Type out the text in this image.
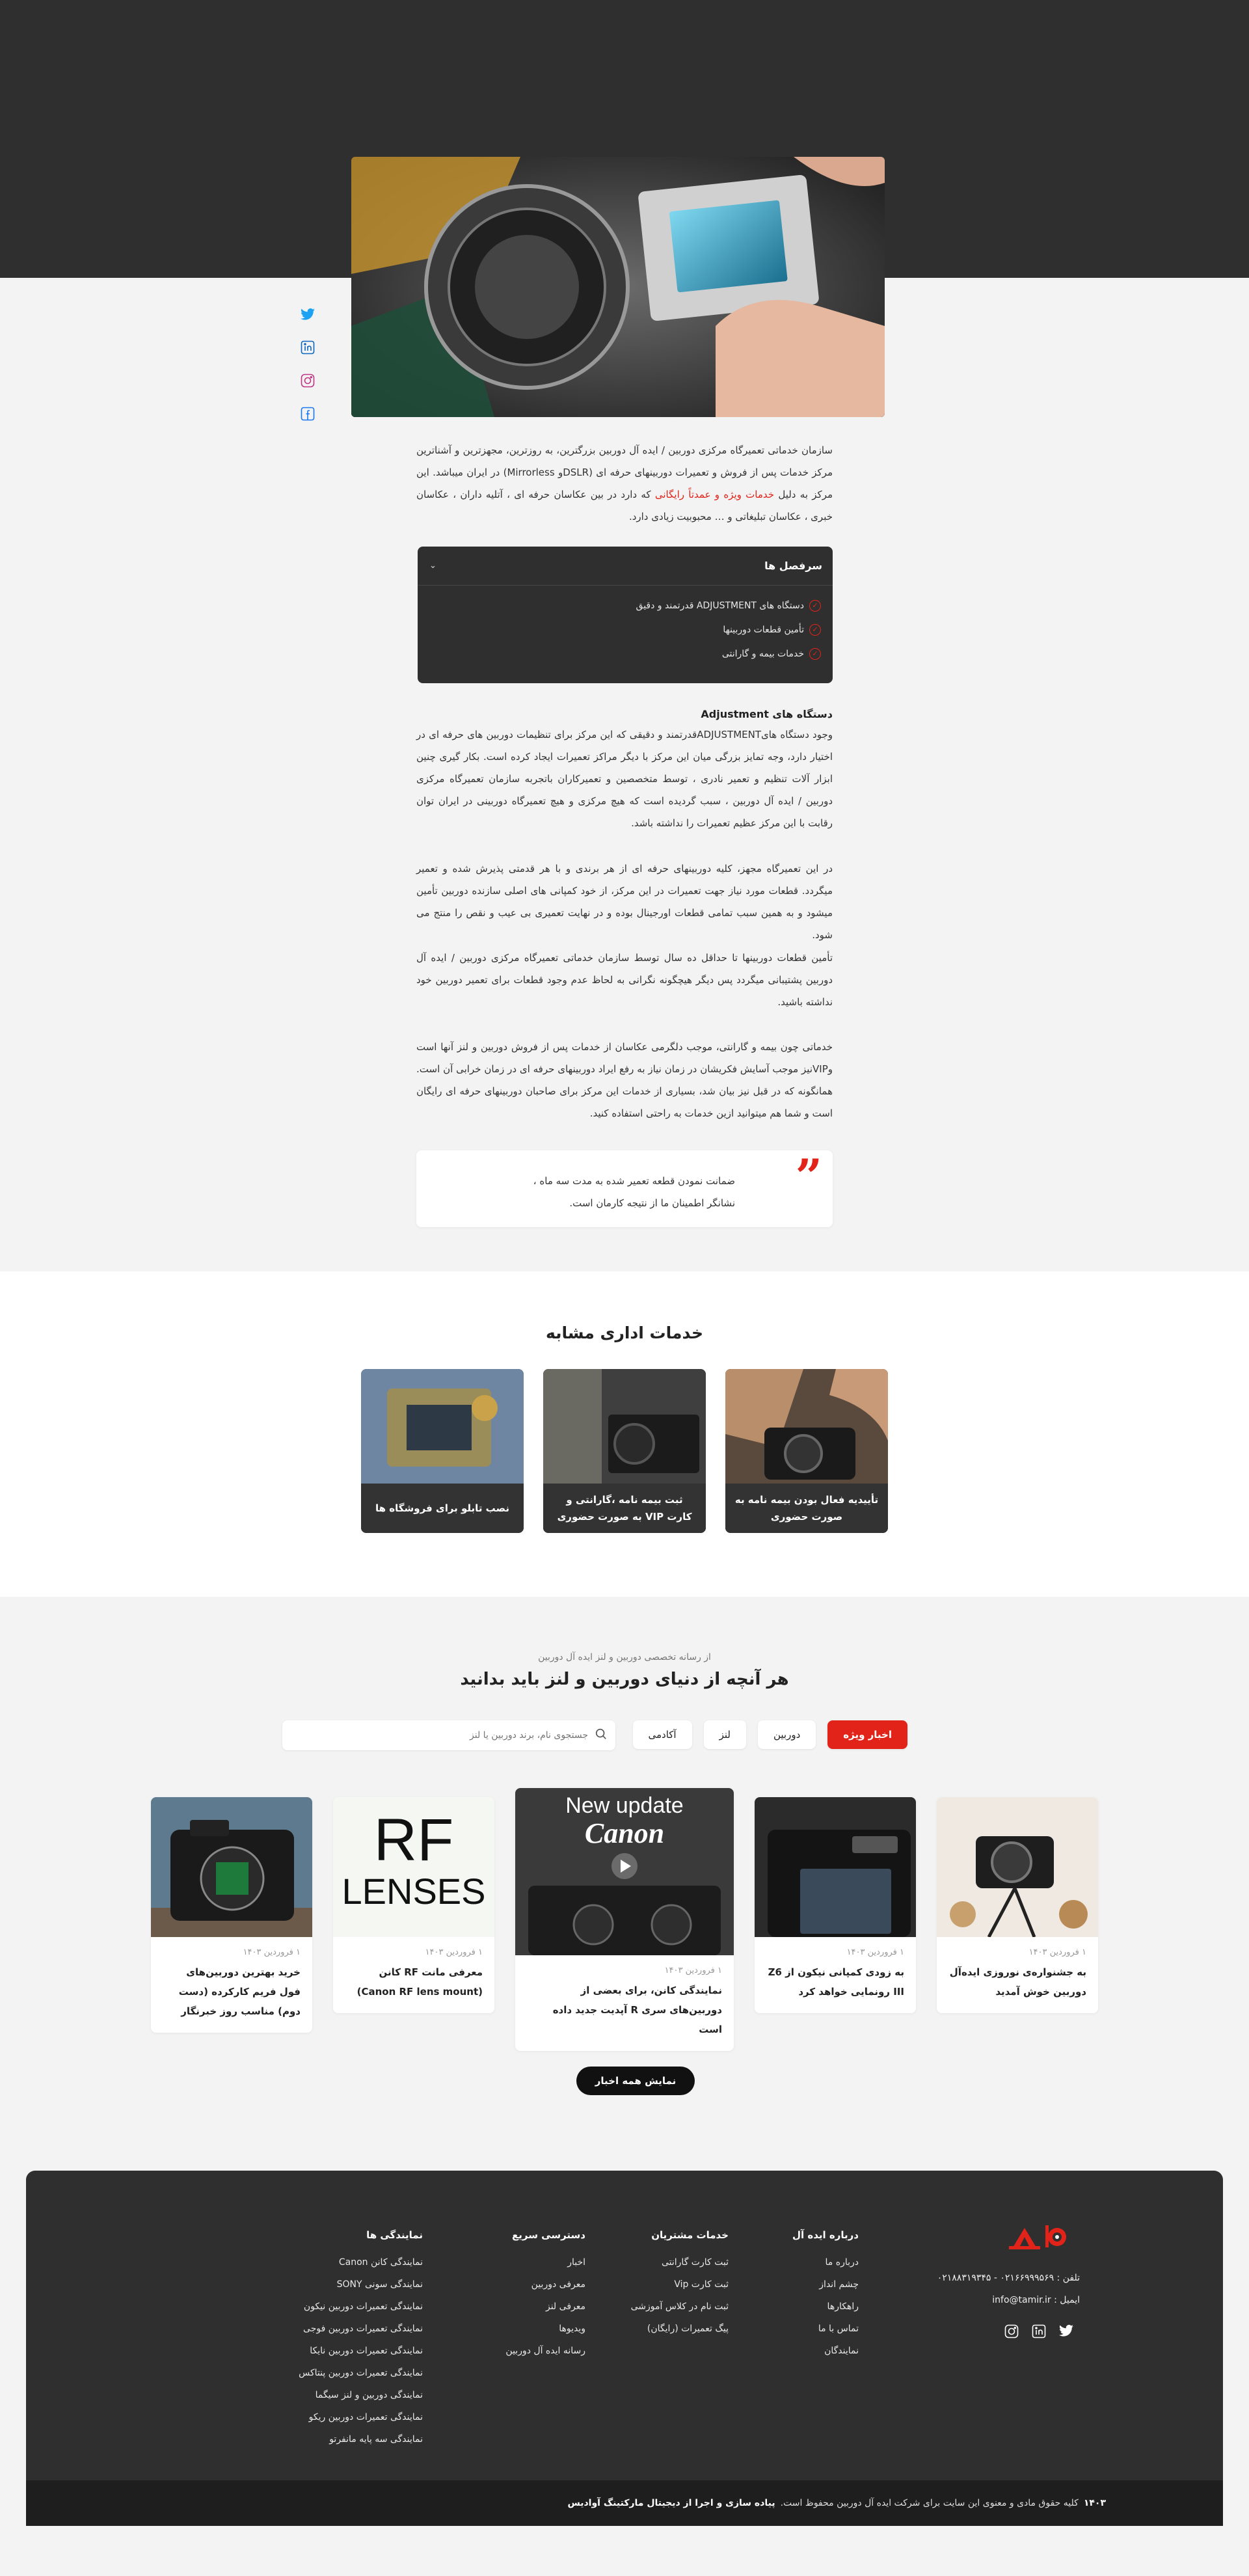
سازمان خدماتی تعمیرگاه مرکزی دوربین / ایده آل دوربین بزرگترین، به روزترین، مجهزترین و آشناترین مرکز خدمات پس از فروش و تعمیرات دوربینهای حرفه ای (DSLRو Mirrorless) در ایران میباشد. این مرکز به دلیل خدمات ویژه و عمدتاً رایگانی که دارد در بین عکاسان حرفه ای ، آتلیه داران ، عکاسان خبری ، عکاسان تبلیغاتی و … محبوبیت زیادی دارد.

سرفصل ها
⌄
✓
دستگاه های ADJUSTMENT قدرتمند و دقیق
✓
تأمین قطعات دوربینها
✓
خدمات بیمه و گارانتی
دستگاه های Adjustment

وجود دستگاه هایADJUSTMENTقدرتمند و دقیقی که این مرکز برای تنظیمات دوربین های حرفه ای در اختیار دارد، وجه تمایز بزرگی میان این مرکز با دیگر مراکز تعمیرات ایجاد کرده است. بکار گیری چنین ابزار آلات تنظیم و تعمیر نادری ، توسط متخصصین و تعمیرکاران باتجربه سازمان تعمیرگاه مرکزی دوربین / ایده آل دوربین ، سبب گردیده است که هیچ مرکزی و هیچ تعمیرگاه دوربینی در ایران توان رقابت با این مرکز عظیم تعمیرات را نداشته باشد.

در این تعمیرگاه مجهز، کلیه دوربینهای حرفه ای از هر برندی و با هر قدمتی پذیرش شده و تعمیر میگردد. قطعات مورد نیاز جهت تعمیرات در این مرکز، از خود کمپانی های اصلی سازنده دوربین تأمین میشود و به همین سبب تمامی قطعات اورجینال بوده و در نهایت تعمیری بی عیب و نقص را منتج می شود.

تأمین قطعات دوربینها تا حداقل ده سال توسط سازمان خدماتی تعمیرگاه مرکزی دوربین / ایده آل دوربین پشتیبانی میگردد پس دیگر هیچگونه نگرانی به لحاظ عدم وجود قطعات برای تعمیر دوربین خود نداشته باشید.

خدماتی چون بیمه و گارانتی، موجب دلگرمی عکاسان از خدمات پس از فروش دوربین و لنز آنها است وVIPنیز موجب آسایش فکریشان در زمان نیاز به رفع ایراد دوربینهای حرفه ای در زمان خرابی آن است. همانگونه که در قبل نیز بیان شد، بسیاری از خدمات این مرکز برای صاحبان دوربینهای حرفه ای رایگان است و شما هم میتوانید ازین خدمات به راحتی استفاده کنید.

”
ضمانت نمودن قطعه تعمیر شده به مدت سه ماه ،
نشانگر اطمینان ما از نتیجه کارمان است.
خدمات اداری مشابه
نصب تابلو برای فروشگاه ها
ثبت بیمه نامه ،گارانتی و کارت VIP به صورت حضوری
تأییدیه فعال بودن بیمه نامه به صورت حضوری
از رسانه تخصصی دوربین و لنز ایده آل دوربین
هر آنچه از دنیای دوربین و لنز باید بدانید
اخبار ویژه
دوربین
لنز
آکادمی
جستجوی نام، برند دوربین یا لنز
۱ فروردین ۱۴۰۳
به جشنواره‌ی نوروزی ایده‌آل دوربین خوش آمدید
۱ فروردین ۱۴۰۳
به زودی کمپانی نیکون از Z6 III رونمایی خواهد کرد
New update
Canon
۱ فروردین ۱۴۰۳
نمایندگی کانن، برای بعضی از دوربین‌های سری R آپدیت جدید داده است
RF
LENSES
۱ فروردین ۱۴۰۳
معرفی مانت RF کانن (Canon RF lens mount)
۱ فروردین ۱۴۰۳
خرید بهترین دوربین‌های فول فریم کارکرده (دست دوم) مناسب روز خبرنگار
نمایش همه اخبار
تلفن : ۰۲۱۶۶۹۹۹۵۶۹ - ۰۲۱۸۸۳۱۹۳۴۵
ایمیل : info@tamir.ir
درباره ایده آل
درباره ما
چشم انداز
راهکارها
تماس با ما
نمایندگان
خدمات مشتریان
ثبت کارت گارانتی
ثبت کارت Vip
ثبت نام در کلاس آموزشی
پیگ تعمیرات (رایگان)
دسترسی سریع
اخبار
معرفی دوربین
معرفی لنز
ویدیوها
رسانه ایده آل دوربین
نمایندگی ها
نمایندگی کانن Canon
نمایندگی سونی SONY
نمایندگی تعمیرات دوربین نیکون
نمایندگی تعمیرات دوربین فوجی
نمایندگی تعمیرات دوربین نایکا
نمایندگی تعمیرات دوربین پنتاکس
نمایندگی دوربین و لنز سیگما
نمایندگی تعمیرات دوربین ریکو
نمایندگی سه پایه مانفرتو
۱۴۰۳
کلیه حقوق مادی و معنوی این سایت برای شرکت ایده آل دوربین محفوظ است.
پیاده سازی و اجرا از دیجیتال مارکتینگ آوادیس
